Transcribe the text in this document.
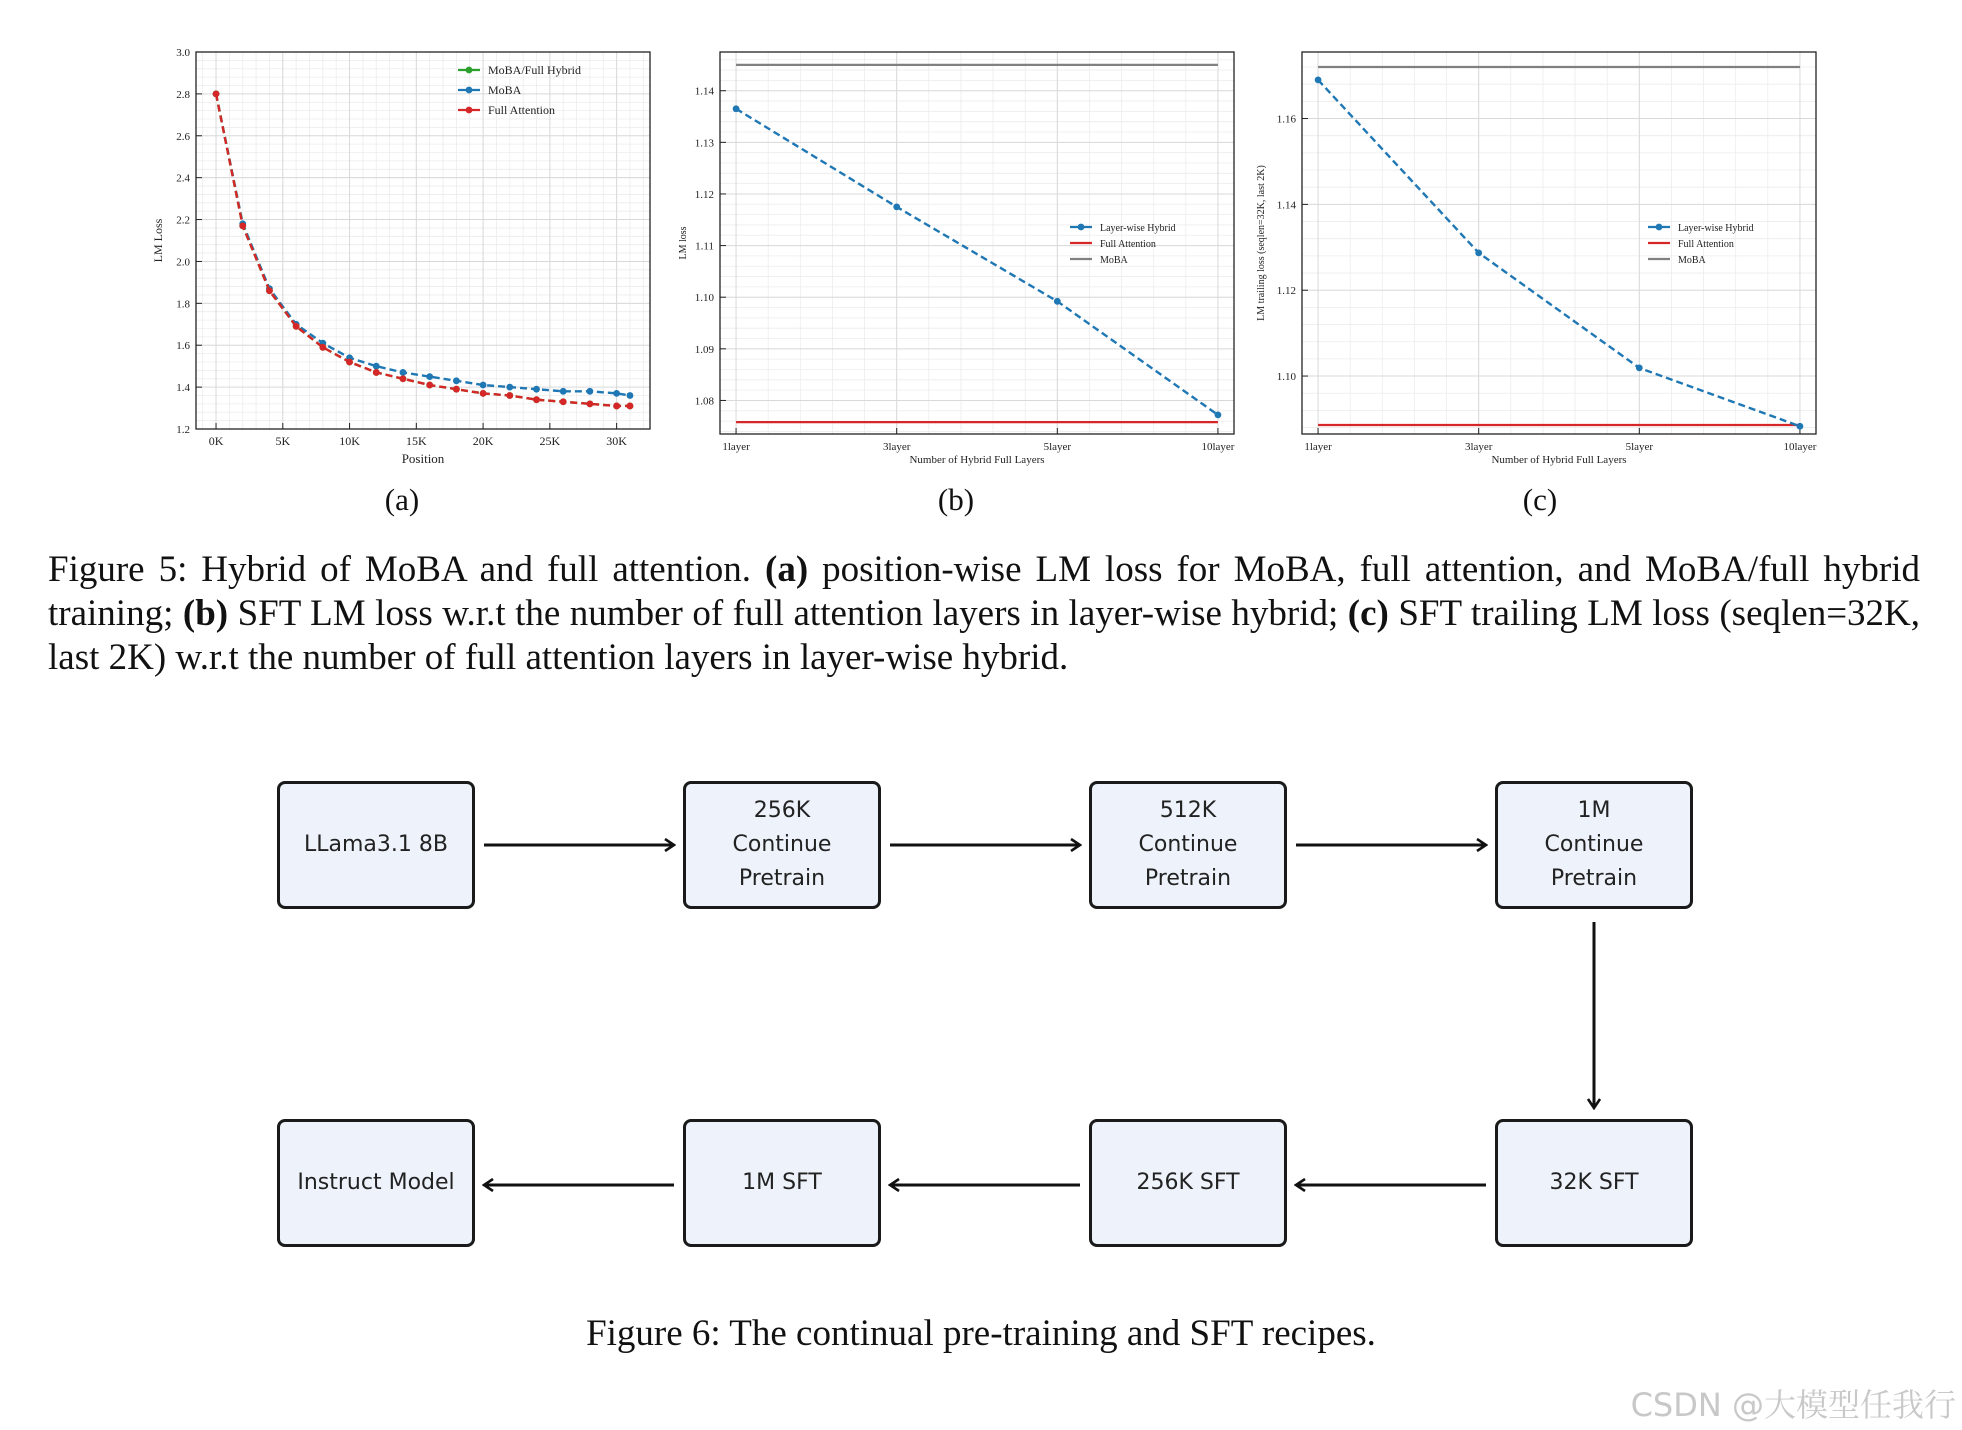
1.2
1.4
1.6
1.8
2.0
2.2
2.4
2.6
2.8
3.0
0K	5K	10K	15K	20K	25K	30K
Position
LM Loss
MoBA/Full Hybrid
MoBA
Full Attention
1.08
1.09
1.10
1.11
1.12
1.13
1.14
1layer	3layer	5layer	10layer
Number of Hybrid Full Layers
LM loss	Layer-wise Hybrid
Full Attention
MoBA
1.10
1.12
1.14
1.16
1layer	3layer	5layer	10layer
Number of Hybrid Full Layers
LM trailing loss (seqlen=32K, last 2K)	Layer-wise Hybrid
Full Attention
MoBA
(a)	(b)	(c)
Figure 5: Hybrid of MoBA and full attention. (a) position-wise LM loss for MoBA, full attention, and MoBA/full hybrid training; (b) SFT LM loss w.r.t the number of full attention layers in layer-wise hybrid; (c) SFT trailing LM loss (seqlen=32K, last 2K) w.r.t the number of full attention layers in layer-wise hybrid.
LLama3.1 8B
256K
Continue
Pretrain
512K
Continue
Pretrain
1M
Continue
Pretrain
Instruct Model	1M SFT	256K SFT	32K SFT
Figure 6: The continual pre-training and SFT recipes.
CSDN @大模型任我行
